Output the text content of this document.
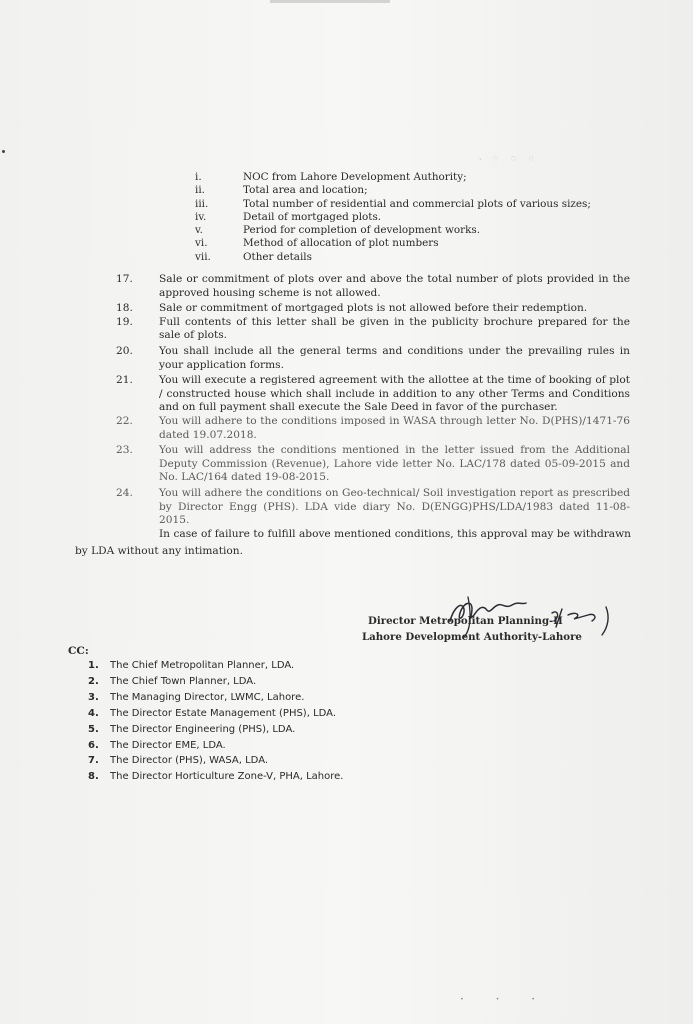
· ◦ ◦ ◦
i.	NOC from Lahore Development Authority;
ii.	Total area and location;
iii.	Total number of residential and commercial plots of various sizes;
iv.	Detail of mortgaged plots.
v.	Period for completion of development works.
vi.	Method of allocation of plot numbers
vii.	Other details
17.	Sale or commitment of plots over and above the total number of plots provided in the approved housing scheme is not allowed.
18.	Sale or commitment of mortgaged plots is not allowed before their redemption.
19.	Full contents of this letter shall be given in the publicity brochure prepared for the sale of plots.
20.	You shall include all the general terms and conditions under the prevailing rules in your application forms.
21.	You will execute a registered agreement with the allottee at the time of booking of plot / constructed house which shall include in addition to any other Terms and Conditions and on full payment shall execute the Sale Deed in favor of the purchaser.
22.	You will adhere to the conditions imposed in WASA through letter No. D(PHS)/1471-76 dated 19.07.2018.
23.	You will address the conditions mentioned in the letter issued from the Additional Deputy Commission (Revenue), Lahore vide letter No. LAC/178 dated 05-09-2015 and No. LAC/164 dated 19-08-2015.
24.	You will adhere the conditions on Geo-technical/ Soil investigation report as prescribed by Director Engg (PHS). LDA vide diary No. D(ENGG)PHS/LDA/1983 dated 11-08-2015.
In case of failure to fulfill above mentioned conditions, this approval may be withdrawn by LDA without any intimation.
Director Metropolitan Planning-II
Lahore Development Authority-Lahore
CC:
1.	The Chief Metropolitan Planner, LDA.
2.	The Chief Town Planner, LDA.
3.	The Managing Director, LWMC, Lahore.
4.	The Director Estate Management (PHS), LDA.
5.	The Director Engineering (PHS), LDA.
6.	The Director EME, LDA.
7.	The Director (PHS), WASA, LDA.
8.	The Director Horticulture Zone-V, PHA, Lahore.
· · ·
